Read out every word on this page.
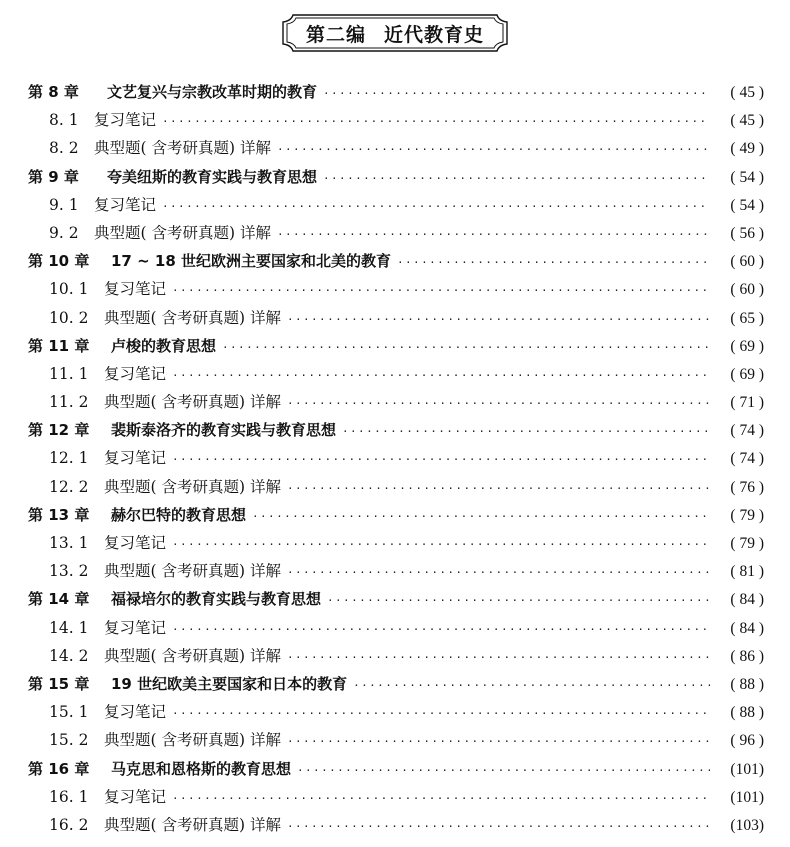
第二编 近代教育史
第 8 章	文艺复兴与宗教改革时期的教育 ·····	( 45 )
8. 1 复习笔记 ·····	( 45 )
8. 2 典型题( 含考研真题) 详解 ·····	( 49 )
第 9 章	夸美纽斯的教育实践与教育思想 ·····	( 54 )
9. 1 复习笔记 ·····	( 54 )
9. 2 典型题( 含考研真题) 详解 ·····	( 56 )
第 10 章	17 ~ 18 世纪欧洲主要国家和北美的教育 ·····	( 60 )
10. 1	复习笔记 ·····	( 60 )
10. 2	典型题( 含考研真题) 详解 ·····	( 65 )
第 11 章	卢梭的教育思想 ·····	( 69 )
11. 1	复习笔记 ·····	( 69 )
11. 2	典型题( 含考研真题) 详解 ·····	( 71 )
第 12 章	裴斯泰洛齐的教育实践与教育思想 ·····	( 74 )
12. 1	复习笔记 ·····	( 74 )
12. 2	典型题( 含考研真题) 详解 ·····	( 76 )
第 13 章	赫尔巴特的教育思想 ·····	( 79 )
13. 1	复习笔记 ·····	( 79 )
13. 2	典型题( 含考研真题) 详解 ·····	( 81 )
第 14 章	福禄培尔的教育实践与教育思想 ·····	( 84 )
14. 1	复习笔记 ·····	( 84 )
14. 2	典型题( 含考研真题) 详解 ·····	( 86 )
第 15 章	19 世纪欧美主要国家和日本的教育 ·····	( 88 )
15. 1	复习笔记 ·····	( 88 )
15. 2	典型题( 含考研真题) 详解 ·····	( 96 )
第 16 章	马克思和恩格斯的教育思想 ·····	(101)
16. 1	复习笔记 ·····	(101)
16. 2	典型题( 含考研真题) 详解 ·····	(103)
